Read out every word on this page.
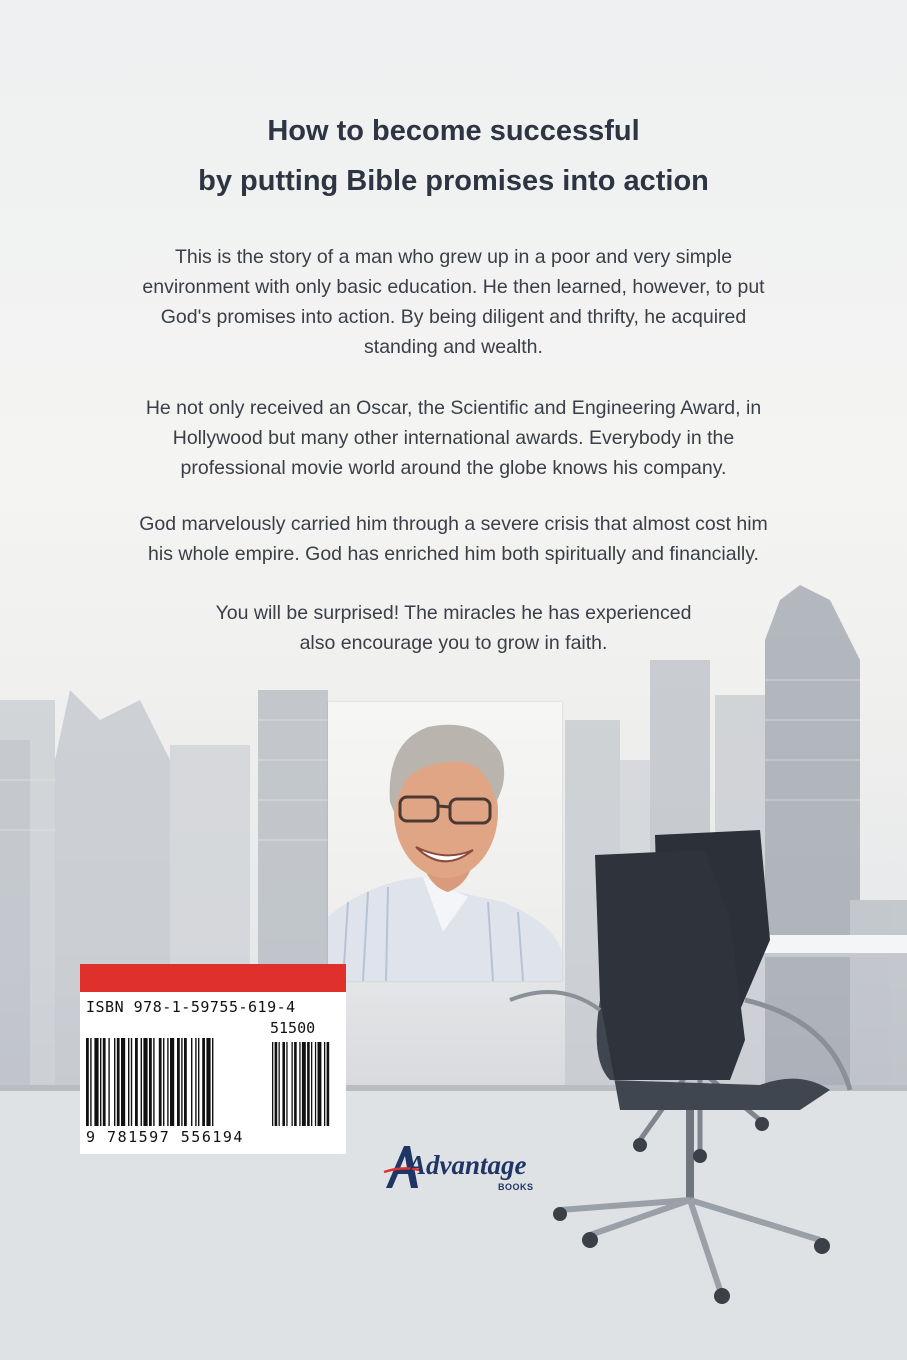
How to become successful
by putting Bible promises into action
This is the story of a man who grew up in a poor and very simple
environment with only basic education. He then learned, however, to put
God's promises into action. By being diligent and thrifty, he acquired
standing and wealth.
He not only received an Oscar, the Scientific and Engineering Award, in
Hollywood but many other international awards. Everybody in the
professional movie world around the globe knows his company.
God marvelously carried him through a severe crisis that almost cost him
his whole empire. God has enriched him both spiritually and financially.
You will be surprised! The miracles he has experienced
also encourage you to grow in faith.
ISBN 978-1-59755-619-4
51500
9 781597 556194
Advantage
BOOKS
